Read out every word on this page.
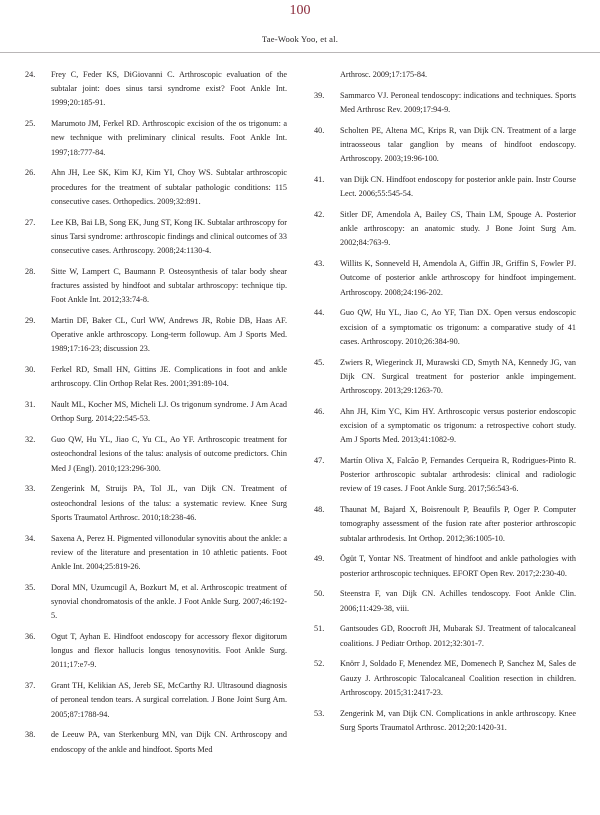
100
Tae-Wook Yoo, et al.
24.	Frey C, Feder KS, DiGiovanni C. Arthroscopic evaluation of the subtalar joint: does sinus tarsi syndrome exist? Foot Ankle Int. 1999;20:185-91.
25.	Marumoto JM, Ferkel RD. Arthroscopic excision of the os trigonum: a new technique with preliminary clinical results. Foot Ankle Int. 1997;18:777-84.
26.	Ahn JH, Lee SK, Kim KJ, Kim YI, Choy WS. Subtalar arthroscopic procedures for the treatment of subtalar pathologic conditions: 115 consecutive cases. Orthopedics. 2009;32:891.
27.	Lee KB, Bai LB, Song EK, Jung ST, Kong IK. Subtalar arthroscopy for sinus Tarsi syndrome: arthroscopic findings and clinical outcomes of 33 consecutive cases. Arthroscopy. 2008;24:1130-4.
28.	Sitte W, Lampert C, Baumann P. Osteosynthesis of talar body shear fractures assisted by hindfoot and subtalar arthroscopy: technique tip. Foot Ankle Int. 2012;33:74-8.
29.	Martin DF, Baker CL, Curl WW, Andrews JR, Robie DB, Haas AF. Operative ankle arthroscopy. Long-term followup. Am J Sports Med. 1989;17:16-23; discussion 23.
30.	Ferkel RD, Small HN, Gittins JE. Complications in foot and ankle arthroscopy. Clin Orthop Relat Res. 2001;391:89-104.
31.	Nault ML, Kocher MS, Micheli LJ. Os trigonum syndrome. J Am Acad Orthop Surg. 2014;22:545-53.
32.	Guo QW, Hu YL, Jiao C, Yu CL, Ao YF. Arthroscopic treatment for osteochondral lesions of the talus: analysis of outcome predictors. Chin Med J (Engl). 2010;123:296-300.
33.	Zengerink M, Struijs PA, Tol JL, van Dijk CN. Treatment of osteochondral lesions of the talus: a systematic review. Knee Surg Sports Traumatol Arthrosc. 2010;18:238-46.
34.	Saxena A, Perez H. Pigmented villonodular synovitis about the ankle: a review of the literature and presentation in 10 athletic patients. Foot Ankle Int. 2004;25:819-26.
35.	Doral MN, Uzumcugil A, Bozkurt M, et al. Arthroscopic treatment of synovial chondromatosis of the ankle. J Foot Ankle Surg. 2007;46:192-5.
36.	Ogut T, Ayhan E. Hindfoot endoscopy for accessory flexor digitorum longus and flexor hallucis longus tenosynovitis. Foot Ankle Surg. 2011;17:e7-9.
37.	Grant TH, Kelikian AS, Jereb SE, McCarthy RJ. Ultrasound diagnosis of peroneal tendon tears. A surgical correlation. J Bone Joint Surg Am. 2005;87:1788-94.
38.	de Leeuw PA, van Sterkenburg MN, van Dijk CN. Arthroscopy and endoscopy of the ankle and hindfoot. Sports Med
Arthrosc. 2009;17:175-84.
39.	Sammarco VJ. Peroneal tendoscopy: indications and techniques. Sports Med Arthrosc Rev. 2009;17:94-9.
40.	Scholten PE, Altena MC, Krips R, van Dijk CN. Treatment of a large intraosseous talar ganglion by means of hindfoot endoscopy. Arthroscopy. 2003;19:96-100.
41.	van Dijk CN. Hindfoot endoscopy for posterior ankle pain. Instr Course Lect. 2006;55:545-54.
42.	Sitler DF, Amendola A, Bailey CS, Thain LM, Spouge A. Posterior ankle arthroscopy: an anatomic study. J Bone Joint Surg Am. 2002;84:763-9.
43.	Willits K, Sonneveld H, Amendola A, Giffin JR, Griffin S, Fowler PJ. Outcome of posterior ankle arthroscopy for hindfoot impingement. Arthroscopy. 2008;24:196-202.
44.	Guo QW, Hu YL, Jiao C, Ao YF, Tian DX. Open versus endoscopic excision of a symptomatic os trigonum: a comparative study of 41 cases. Arthroscopy. 2010;26:384-90.
45.	Zwiers R, Wiegerinck JI, Murawski CD, Smyth NA, Kennedy JG, van Dijk CN. Surgical treatment for posterior ankle impingement. Arthroscopy. 2013;29:1263-70.
46.	Ahn JH, Kim YC, Kim HY. Arthroscopic versus posterior endoscopic excision of a symptomatic os trigonum: a retrospective cohort study. Am J Sports Med. 2013;41:1082-9.
47.	Martín Oliva X, Falcão P, Fernandes Cerqueira R, Rodrigues-Pinto R. Posterior arthroscopic subtalar arthrodesis: clinical and radiologic review of 19 cases. J Foot Ankle Surg. 2017;56:543-6.
48.	Thaunat M, Bajard X, Boisrenoult P, Beaufils P, Oger P. Computer tomography assessment of the fusion rate after posterior arthroscopic subtalar arthrodesis. Int Orthop. 2012;36:1005-10.
49.	Ögüt T, Yontar NS. Treatment of hindfoot and ankle pathologies with posterior arthroscopic techniques. EFORT Open Rev. 2017;2:230-40.
50.	Steenstra F, van Dijk CN. Achilles tendoscopy. Foot Ankle Clin. 2006;11:429-38, viii.
51.	Gantsoudes GD, Roocroft JH, Mubarak SJ. Treatment of talocalcaneal coalitions. J Pediatr Orthop. 2012;32:301-7.
52.	Knörr J, Soldado F, Menendez ME, Domenech P, Sanchez M, Sales de Gauzy J. Arthroscopic Talocalcaneal Coalition resection in children. Arthroscopy. 2015;31:2417-23.
53.	Zengerink M, van Dijk CN. Complications in ankle arthroscopy. Knee Surg Sports Traumatol Arthrosc. 2012;20:1420-31.
